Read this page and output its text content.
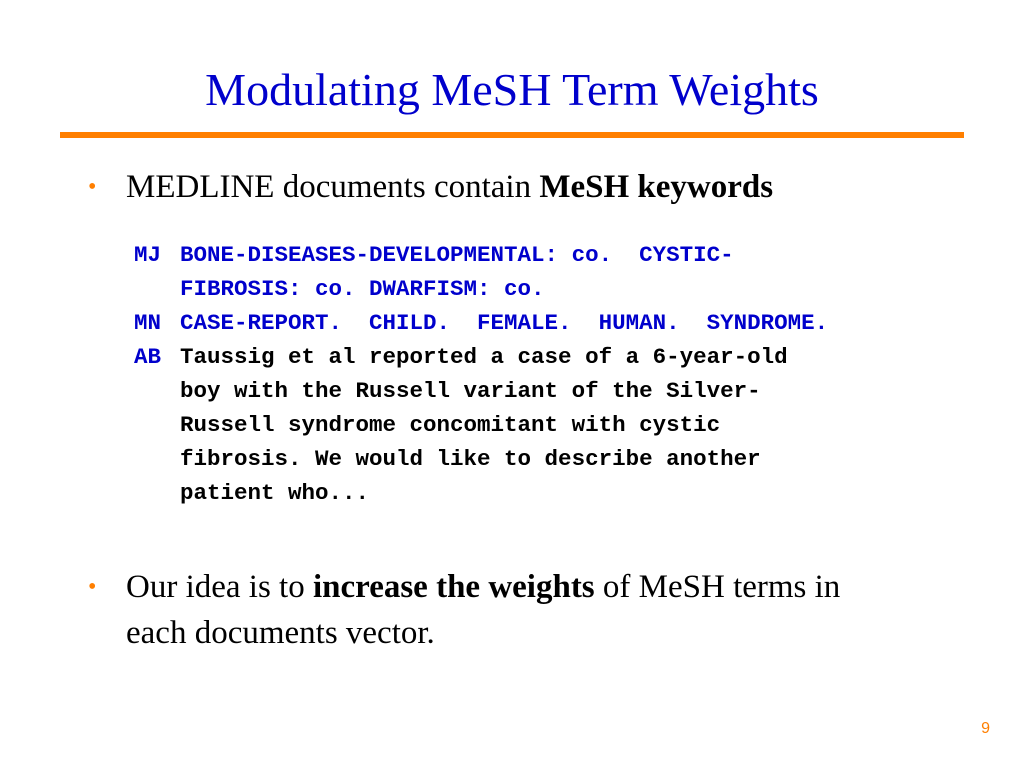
Modulating MeSH Term Weights
• MEDLINE documents contain MeSH keywords
MJ BONE-DISEASES-DEVELOPMENTAL: co.  CYSTIC-
FIBROSIS: co. DWARFISM: co.
MN CASE-REPORT.  CHILD.  FEMALE.  HUMAN.  SYNDROME.
AB Taussig et al reported a case of a 6-year-old
boy with the Russell variant of the Silver-
Russell syndrome concomitant with cystic
fibrosis. We would like to describe another
patient who...
• Our idea is to increase the weights of MeSH terms in each documents vector.
9
